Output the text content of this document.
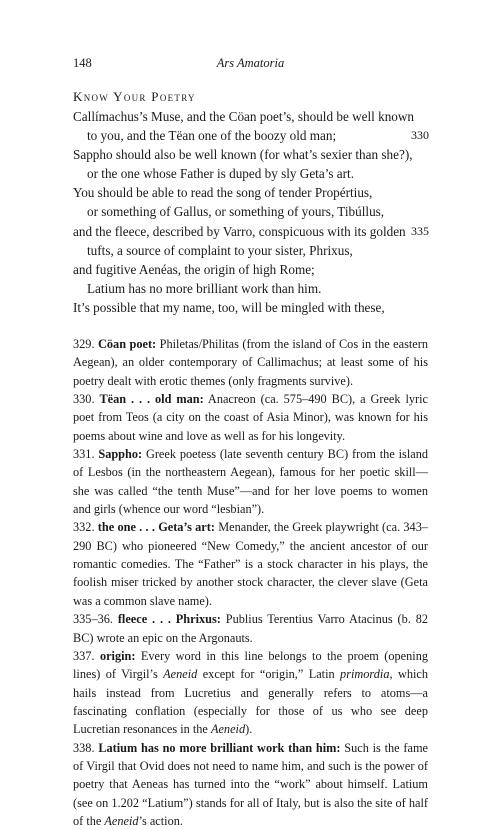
148	Ars Amatoria
Know Your Poetry
Callímachus’s Muse, and the Cöan poet’s, should be well known
to you, and the Tëan one of the boozy old man;	330
Sappho should also be well known (for what’s sexier than she?),
or the one whose Father is duped by sly Geta’s art.
You should be able to read the song of tender Propértius,
or something of Gallus, or something of yours, Tibúllus,
and the fleece, described by Varro, conspicuous with its golden 335
tufts, a source of complaint to your sister, Phrixus,
and fugitive Aenéas, the origin of high Rome;
Latium has no more brilliant work than him.
It’s possible that my name, too, will be mingled with these,

329. Cöan poet: Philetas/Philitas (from the island of Cos in the eastern Aegean), an older contemporary of Callimachus; at least some of his poetry dealt with erotic themes (only fragments survive).

330. Tëan . . . old man: Anacreon (ca. 575–490 BC), a Greek lyric poet from Teos (a city on the coast of Asia Minor), was known for his poems about wine and love as well as for his longevity.

331. Sappho: Greek poetess (late seventh century BC) from the island of Lesbos (in the northeastern Aegean), famous for her poetic skill—she was called “the tenth Muse”—and for her love poems to women and girls (whence our word “lesbian”).

332. the one . . . Geta’s art: Menander, the Greek playwright (ca. 343–290 BC) who pioneered “New Comedy,” the ancient ancestor of our romantic comedies. The “Father” is a stock character in his plays, the foolish miser tricked by another stock character, the clever slave (Geta was a common slave name).

335–36. fleece . . . Phrixus: Publius Terentius Varro Atacinus (b. 82 BC) wrote an epic on the Argonauts.

337. origin: Every word in this line belongs to the proem (opening lines) of Virgil’s Aeneid except for “origin,” Latin primordia, which hails instead from Lucretius and generally refers to atoms—a fascinating conflation (especially for those of us who see deep Lucretian resonances in the Aeneid).

338. Latium has no more brilliant work than him: Such is the fame of Virgil that Ovid does not need to name him, and such is the power of poetry that Aeneas has turned into the “work” about himself. Latium (see on 1.202 “Latium”) stands for all of Italy, but is also the site of half of the Aeneid’s action.
